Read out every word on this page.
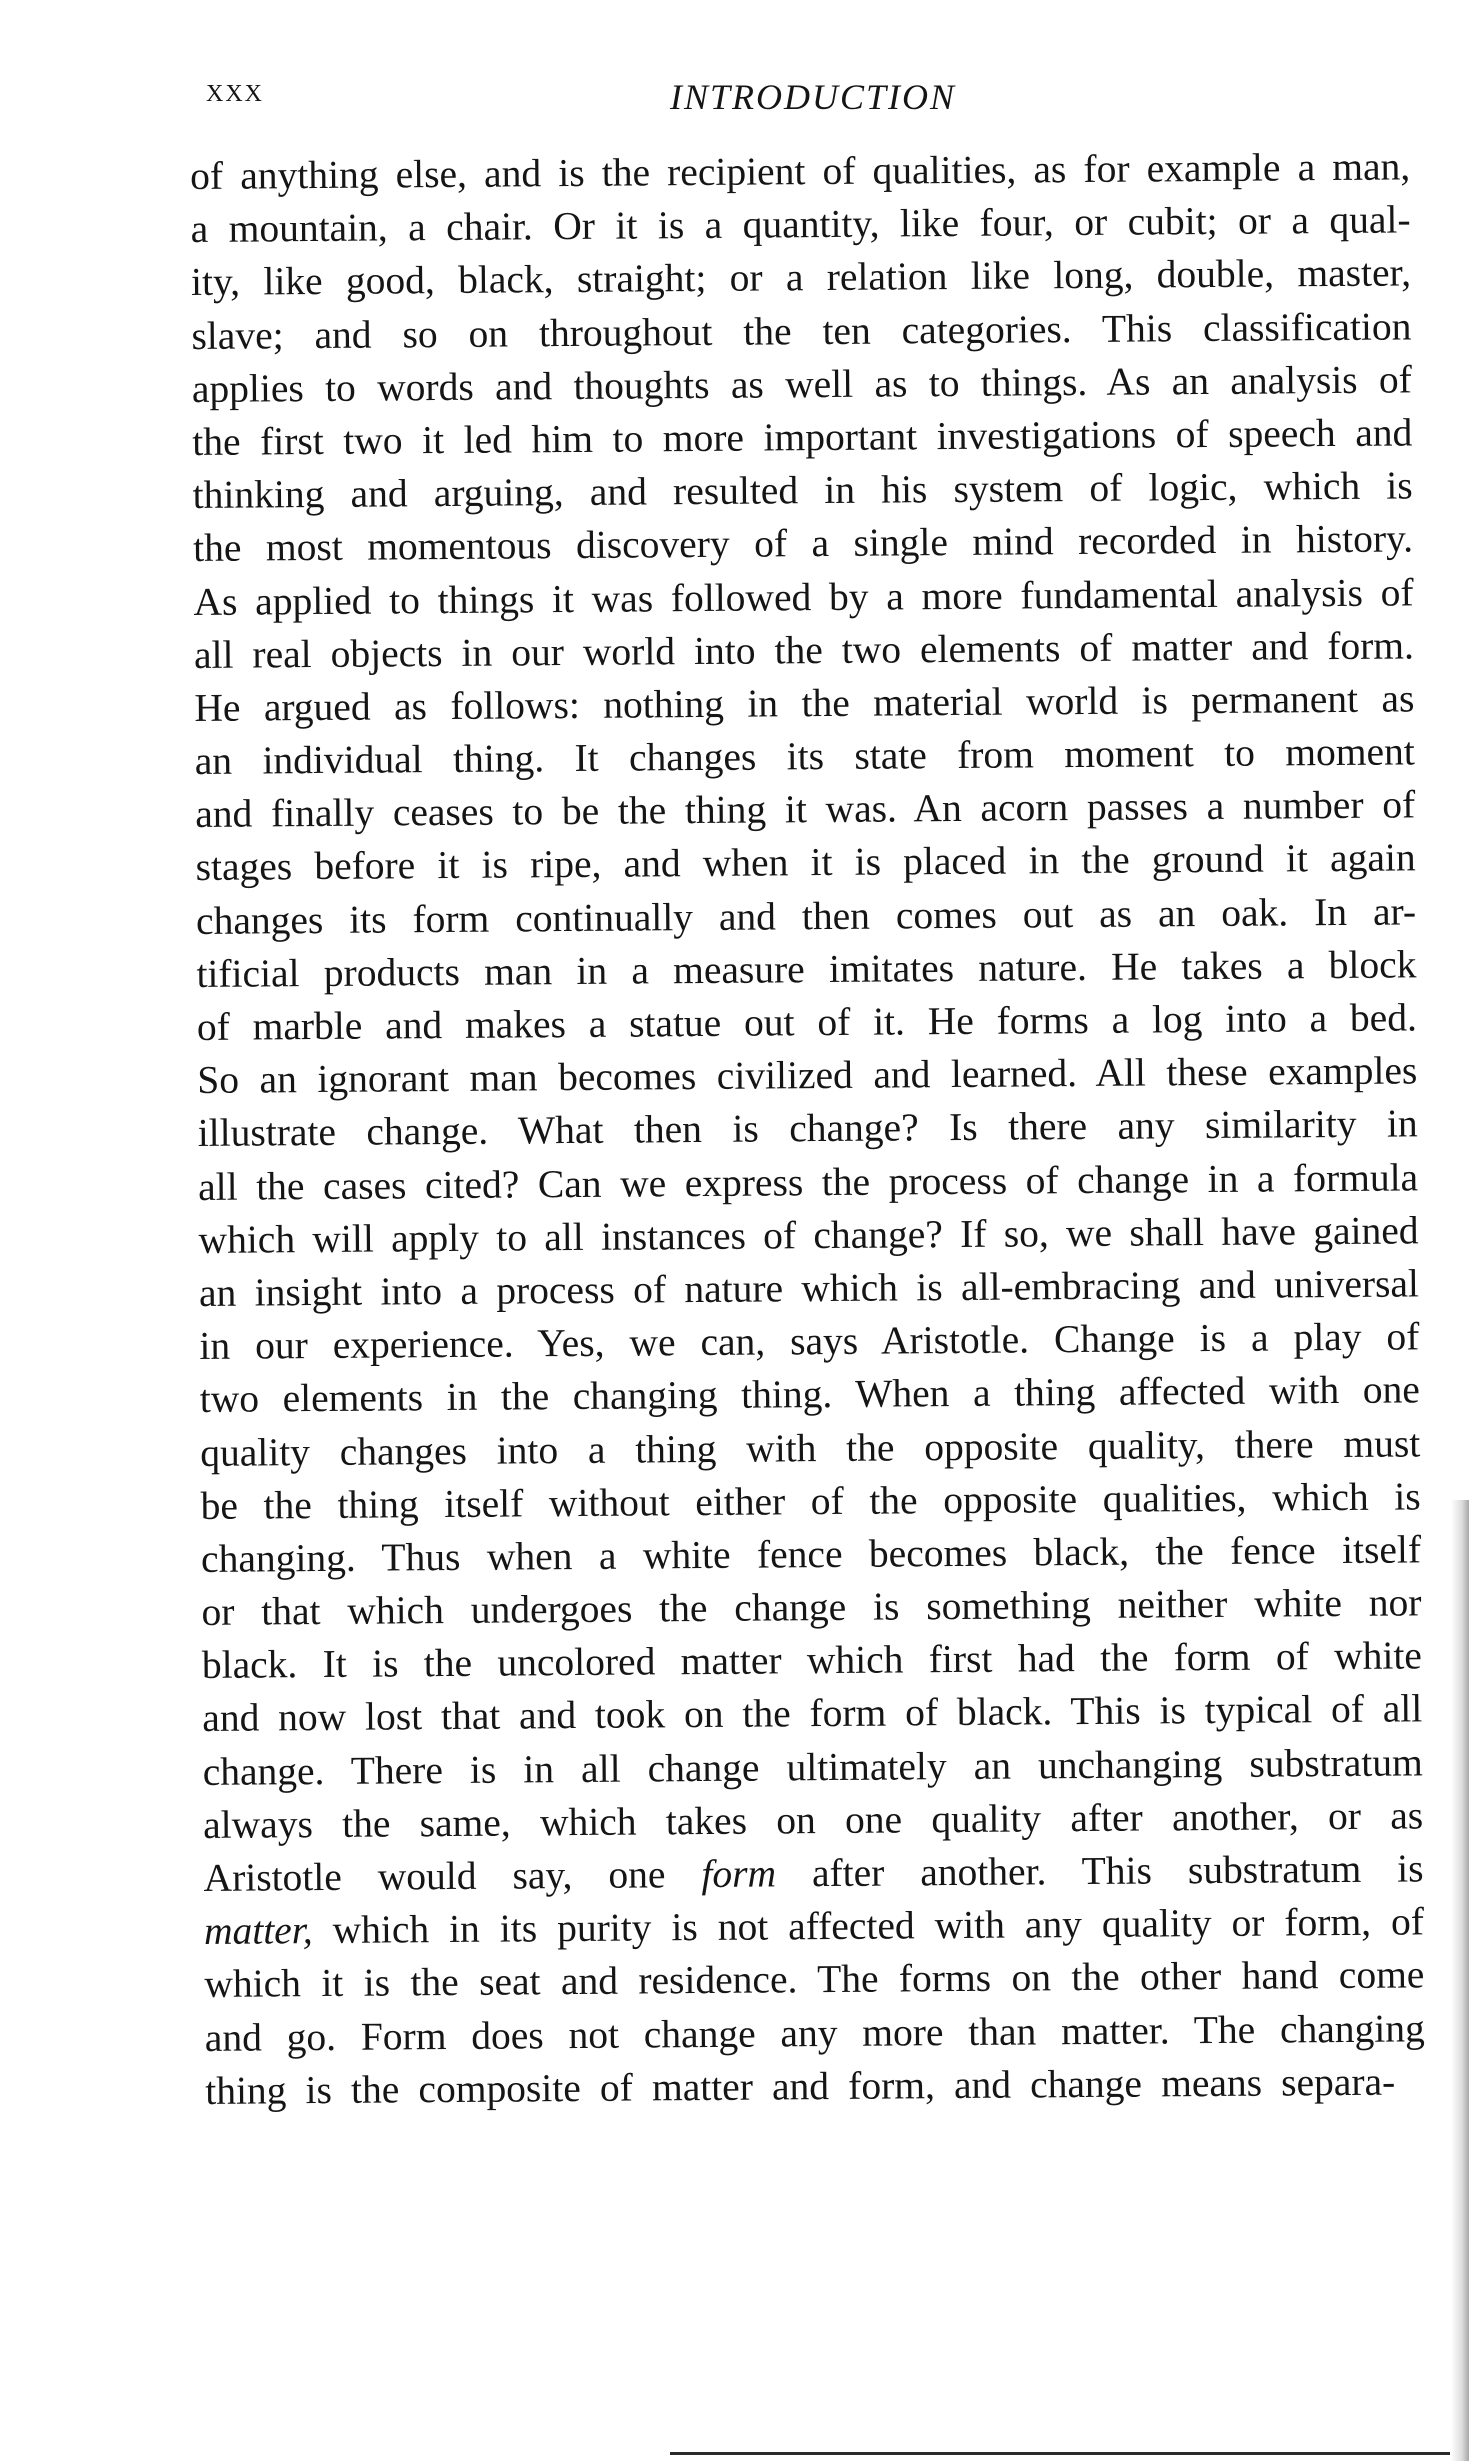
xxx	INTRODUCTION
of anything else, and is the recipient of qualities, as for example a man,
a mountain, a chair. Or it is a quantity, like four, or cubit; or a qual-
ity, like good, black, straight; or a relation like long, double, master,
slave; and so on throughout the ten categories. This classification
applies to words and thoughts as well as to things. As an analysis of
the first two it led him to more important investigations of speech and
thinking and arguing, and resulted in his system of logic, which is
the most momentous discovery of a single mind recorded in history.
As applied to things it was followed by a more fundamental analysis of
all real objects in our world into the two elements of matter and form.
He argued as follows: nothing in the material world is permanent as
an individual thing. It changes its state from moment to moment
and finally ceases to be the thing it was. An acorn passes a number of
stages before it is ripe, and when it is placed in the ground it again
changes its form continually and then comes out as an oak. In ar-
tificial products man in a measure imitates nature. He takes a block
of marble and makes a statue out of it. He forms a log into a bed.
So an ignorant man becomes civilized and learned. All these examples
illustrate change. What then is change? Is there any similarity in
all the cases cited? Can we express the process of change in a formula
which will apply to all instances of change? If so, we shall have gained
an insight into a process of nature which is all-embracing and universal
in our experience. Yes, we can, says Aristotle. Change is a play of
two elements in the changing thing. When a thing affected with one
quality changes into a thing with the opposite quality, there must
be the thing itself without either of the opposite qualities, which is
changing. Thus when a white fence becomes black, the fence itself
or that which undergoes the change is something neither white nor
black. It is the uncolored matter which first had the form of white
and now lost that and took on the form of black. This is typical of all
change. There is in all change ultimately an unchanging substratum
always the same, which takes on one quality after another, or as
Aristotle would say, one form after another. This substratum is
matter, which in its purity is not affected with any quality or form, of
which it is the seat and residence. The forms on the other hand come
and go. Form does not change any more than matter. The changing
thing is the composite of matter and form, and change means separa-
